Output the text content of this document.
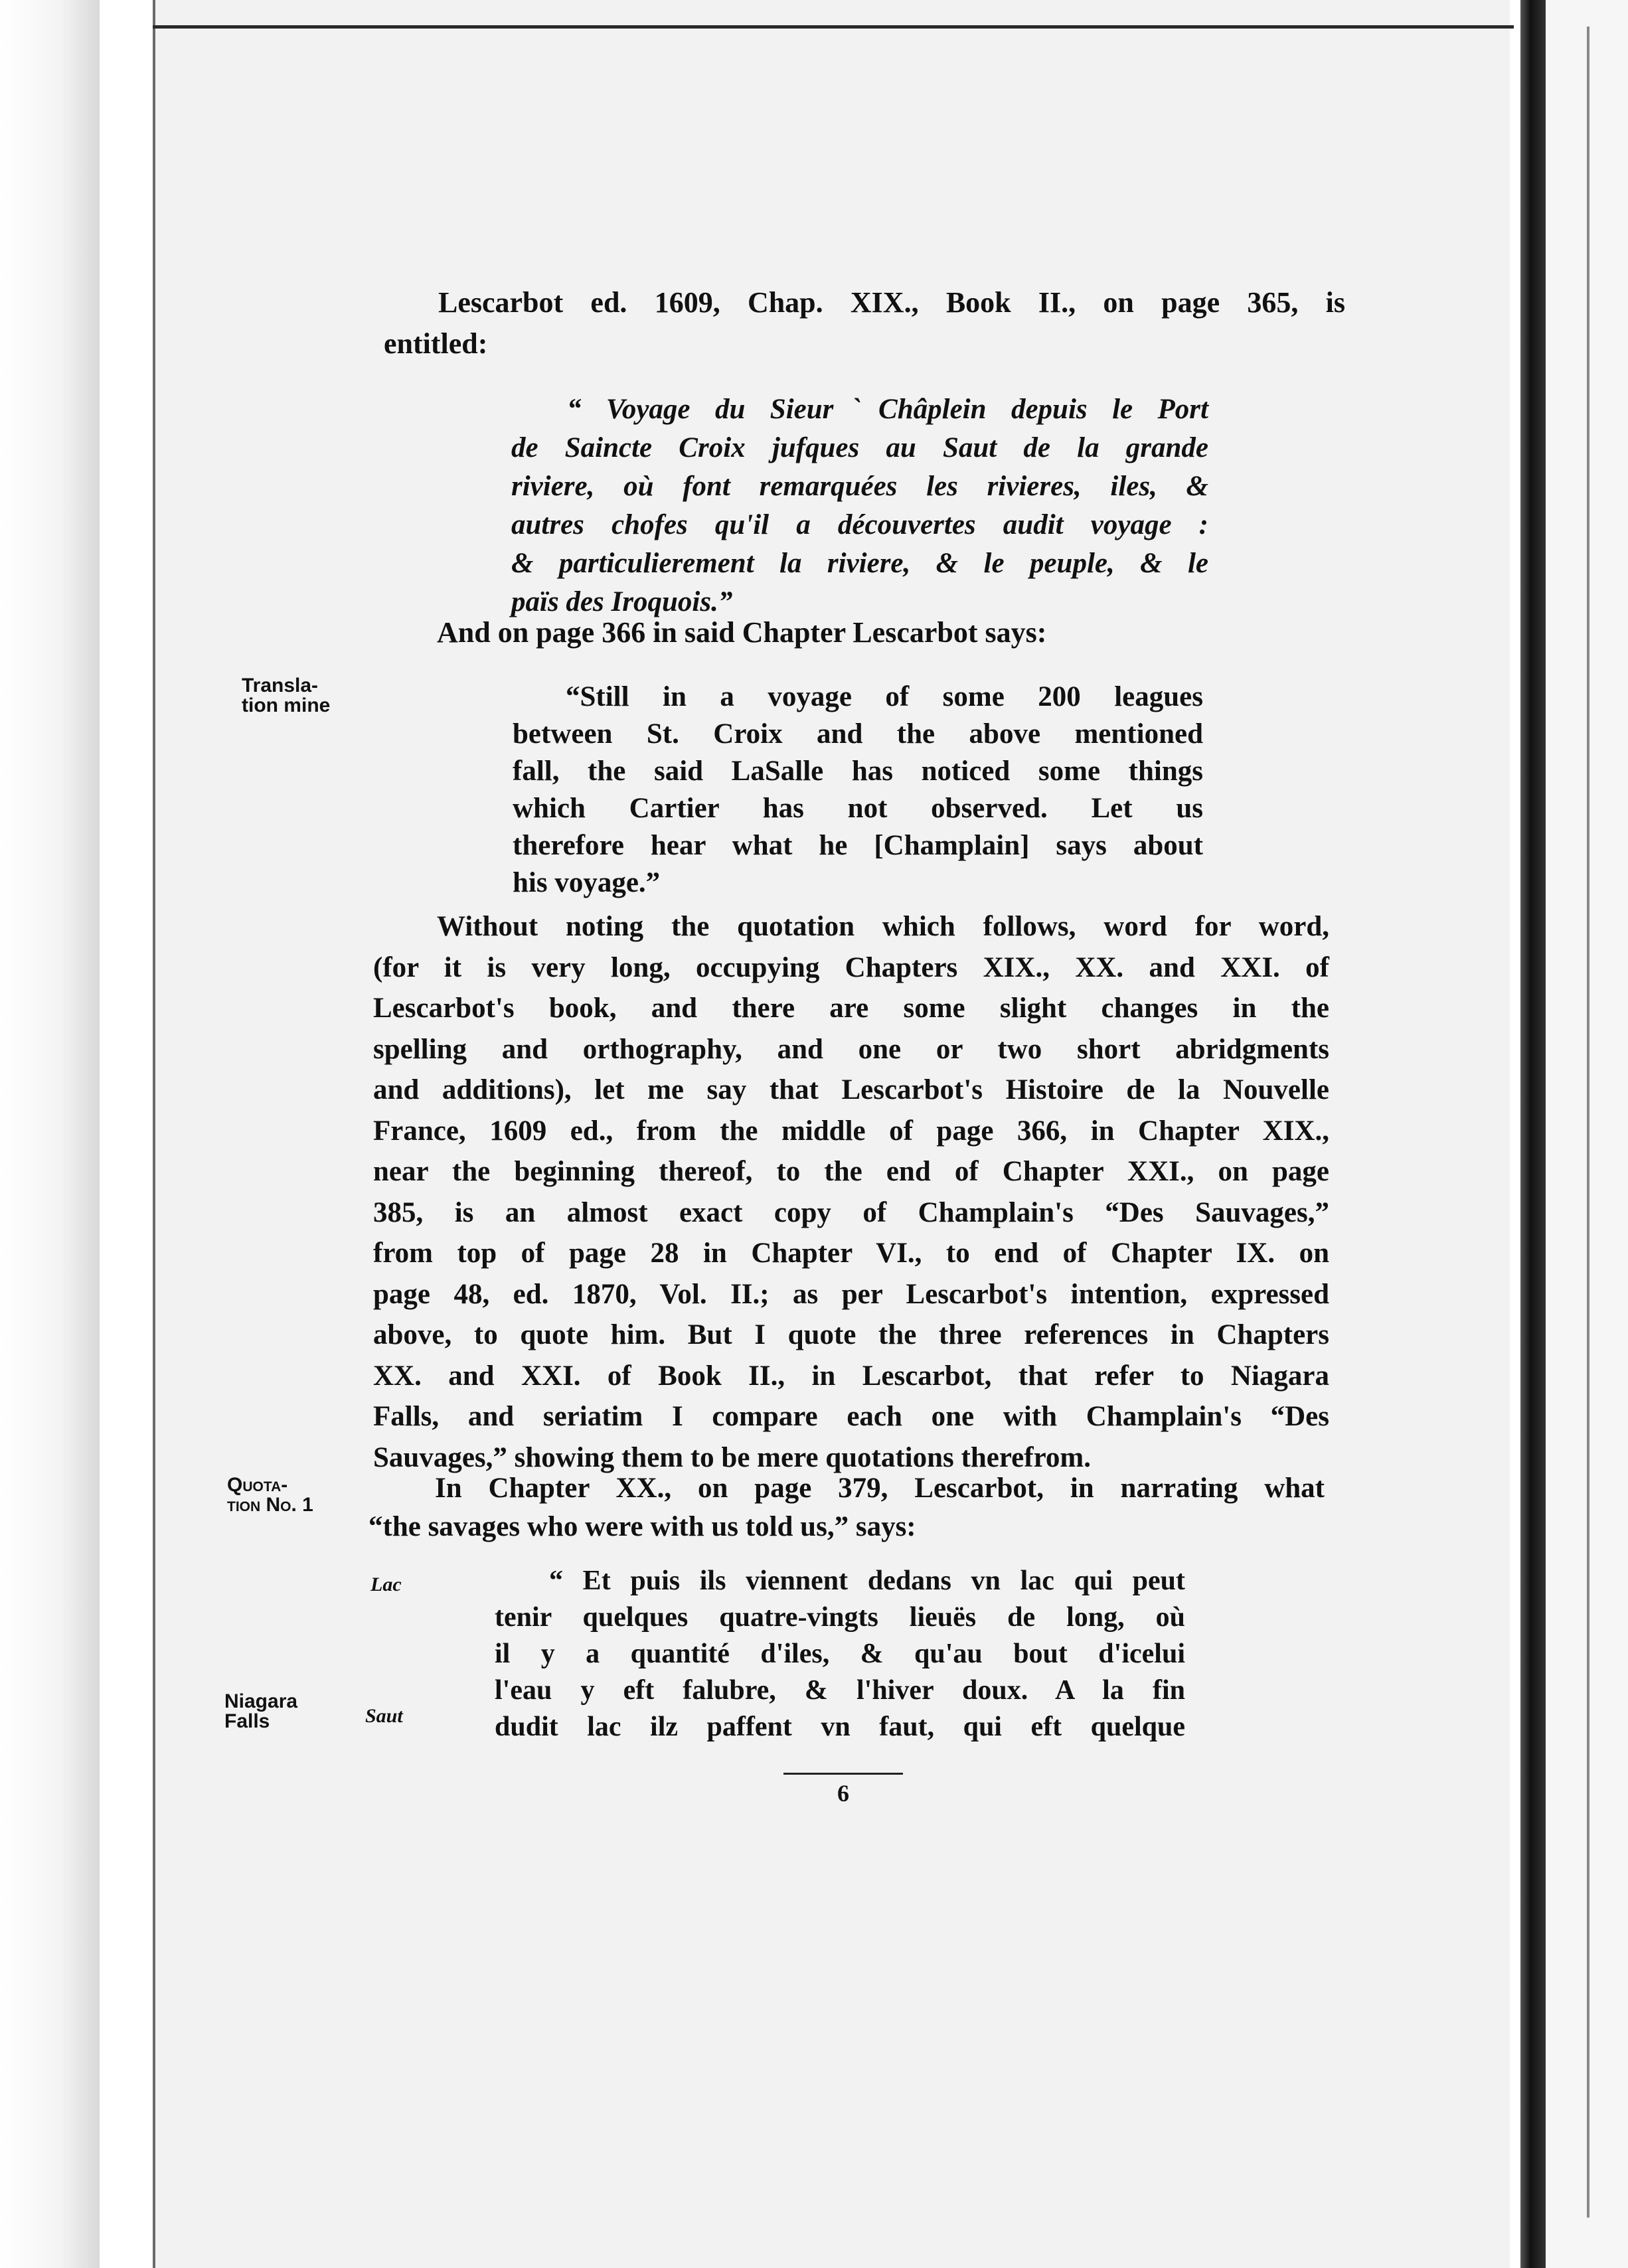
Lescarbot ed. 1609, Chap. XIX., Book II., on page 365, is
entitled:
“ Voyage du SieurˋChâplein depuis le Port
de Saincte Croix jufques au Saut de la grande
riviere, où font remarquées les rivieres, iles, &
autres chofes qu'il a découvertes audit voyage :
& particulierement la riviere, & le peuple, & le
païs des Iroquois.”
And on page 366 in said Chapter Lescarbot says:
Transla-
tion mine	“Still in a voyage of some 200 leagues
between St. Croix and the above mentioned
fall, the said LaSalle has noticed some things
which Cartier has not observed. Let us
therefore hear what he [Champlain] says about
his voyage.”
Without noting the quotation which follows, word for word,
(for it is very long, occupying Chapters XIX., XX. and XXI. of
Lescarbot's book, and there are some slight changes in the
spelling and orthography, and one or two short abridgments
and additions), let me say that Lescarbot's Histoire de la Nouvelle
France, 1609 ed., from the middle of page 366, in Chapter XIX.,
near the beginning thereof, to the end of Chapter XXI., on page
385, is an almost exact copy of Champlain's “Des Sauvages,”
from top of page 28 in Chapter VI., to end of Chapter IX. on
page 48, ed. 1870, Vol. II.; as per Lescarbot's intention, expressed
above, to quote him. But I quote the three references in Chapters
XX. and XXI. of Book II., in Lescarbot, that refer to Niagara
Falls, and seriatim I compare each one with Champlain's “Des
Sauvages,” showing them to be mere quotations therefrom.
Quota-
tion No. 1
In Chapter XX., on page 379, Lescarbot, in narrating what
“the savages who were with us told us,” says:
Lac
Niagara
Falls	Saut
“ Et puis ils viennent dedans vn lac qui peut
tenir quelques quatre-vingts lieuës de long, où
il y a quantité d'iles, & qu'au bout d'icelui
l'eau y eft falubre, & l'hiver doux. A la fin
dudit lac ilz paffent vn faut, qui eft quelque
6
